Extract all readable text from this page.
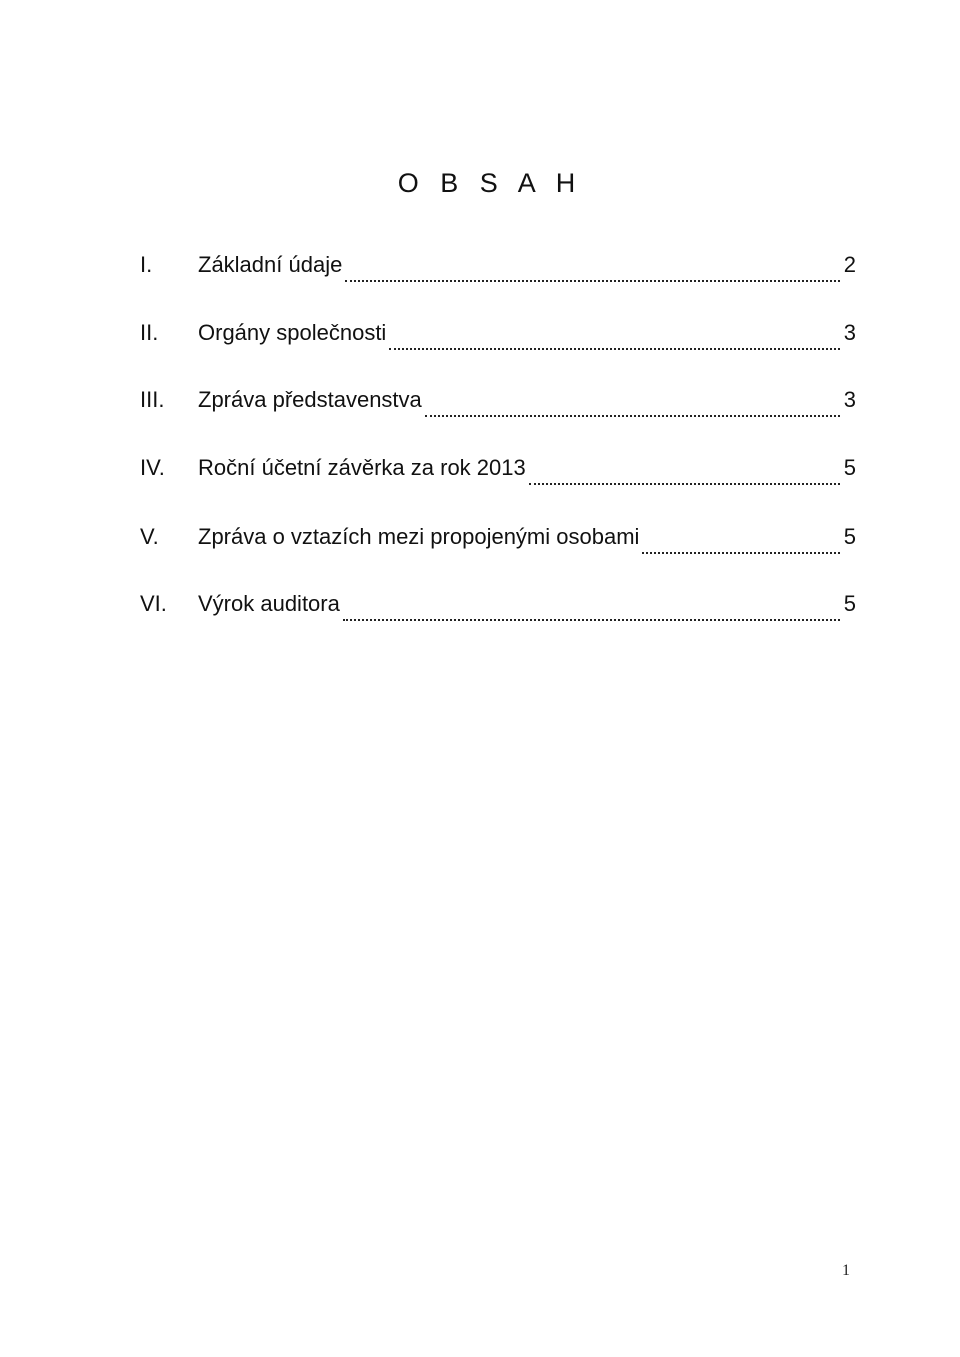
O B S A H
I.	Základní údaje	2
II.	Orgány společnosti	3
III.	Zpráva představenstva	3
IV.	Roční účetní závěrka za rok 2013	5
V.	Zpráva o vztazích mezi propojenými osobami	5
VI.	Výrok auditora	5
1
